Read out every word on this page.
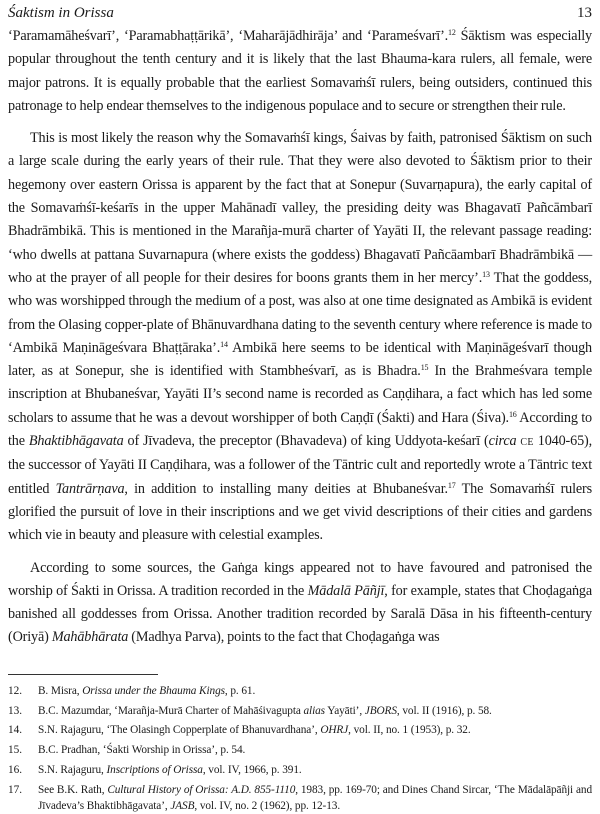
Śaktism in Orissa	13

‘Paramamāheśvarī’, ‘Paramabhaṭṭārikā’, ‘Maharājādhirāja’ and ‘Parameśvarī’.$^{12}$ Śāktism was especially popular throughout the tenth century and it is likely that the last Bhauma-kara rulers, all female, were major patrons. It is equally probable that the earliest Somavaṁśī rulers, being outsiders, continued this patronage to help endear themselves to the indigenous populace and to secure or strengthen their rule.

This is most likely the reason why the Somavaṁśī kings, Śaivas by faith, patronised Śāktism on such a large scale during the early years of their rule. That they were also devoted to Śāktism prior to their hegemony over eastern Orissa is apparent by the fact that at Sonepur (Suvarṇapura), the early capital of the Somavaṁśī-keśarīs in the upper Mahānadī valley, the presiding deity was Bhagavatī Pañcāmbarī Bhadrāmbikā. This is mentioned in the Marañja-murā charter of Yayāti II, the relevant passage reading: ‘who dwells at pattana Suvarnapura (where exists the goddess) Bhagavatī Pañcāambarī Bhadrāmbikā — who at the prayer of all people for their desires for boons grants them in her mercy’.$^{13}$ That the goddess, who was worshipped through the medium of a post, was also at one time designated as Ambikā is evident from the Olasing copper-plate of Bhānuvardhana dating to the seventh century where reference is made to ‘Ambikā Maṇināgeśvara Bhaṭṭāraka’.$^{14}$ Ambikā here seems to be identical with Maṇināgeśvarī though later, as at Sonepur, she is identified with Stambheśvarī, as is Bhadra.$^{15}$ In the Brahmeśvara temple inscription at Bhubaneśvar, Yayāti II’s second name is recorded as Caṇḍihara, a fact which has led some scholars to assume that he was a devout worshipper of both Caṇḍī (Śakti) and Hara (Śiva).$^{16}$ According to the Bhaktibhāgavata of Jīvadeva, the preceptor (Bhavadeva) of king Uddyota-keśarī (circa CE 1040-65), the successor of Yayāti II Caṇḍihara, was a follower of the Tāntric cult and reportedly wrote a Tāntric text entitled Tantrārṇava, in addition to installing many deities at Bhubaneśvar.$^{17}$ The Somavaṁśī rulers glorified the pursuit of love in their inscriptions and we get vivid descriptions of their cities and gardens which vie in beauty and pleasure with celestial examples.

According to some sources, the Gaṅga kings appeared not to have favoured and patronised the worship of Śakti in Orissa. A tradition recorded in the Mādalā Pāñjī, for example, states that Choḍagaṅga banished all goddesses from Orissa. Another tradition recorded by Saralā Dāsa in his fifteenth-century (Oriyā) Mahābhārata (Madhya Parva), points to the fact that Choḍagaṅga was

12.	B. Misra, Orissa under the Bhauma Kings, p. 61.
13.	B.C. Mazumdar, ‘Marañja-Murā Charter of Mahāśivagupta alias Yayāti’, JBORS, vol. II (1916), p. 58.
14.	S.N. Rajaguru, ‘The Olasingh Copperplate of Bhanuvardhana’, OHRJ, vol. II, no. 1 (1953), p. 32.
15.	B.C. Pradhan, ‘Śakti Worship in Orissa’, p. 54.
16.	S.N. Rajaguru, Inscriptions of Orissa, vol. IV, 1966, p. 391.
17.	See B.K. Rath, Cultural History of Orissa: A.D. 855-1110, 1983, pp. 169-70; and Dines Chand Sircar, ‘The Mādalāpāñji and Jīvadeva’s Bhaktibhāgavata’, JASB, vol. IV, no. 2 (1962), pp. 12-13.
